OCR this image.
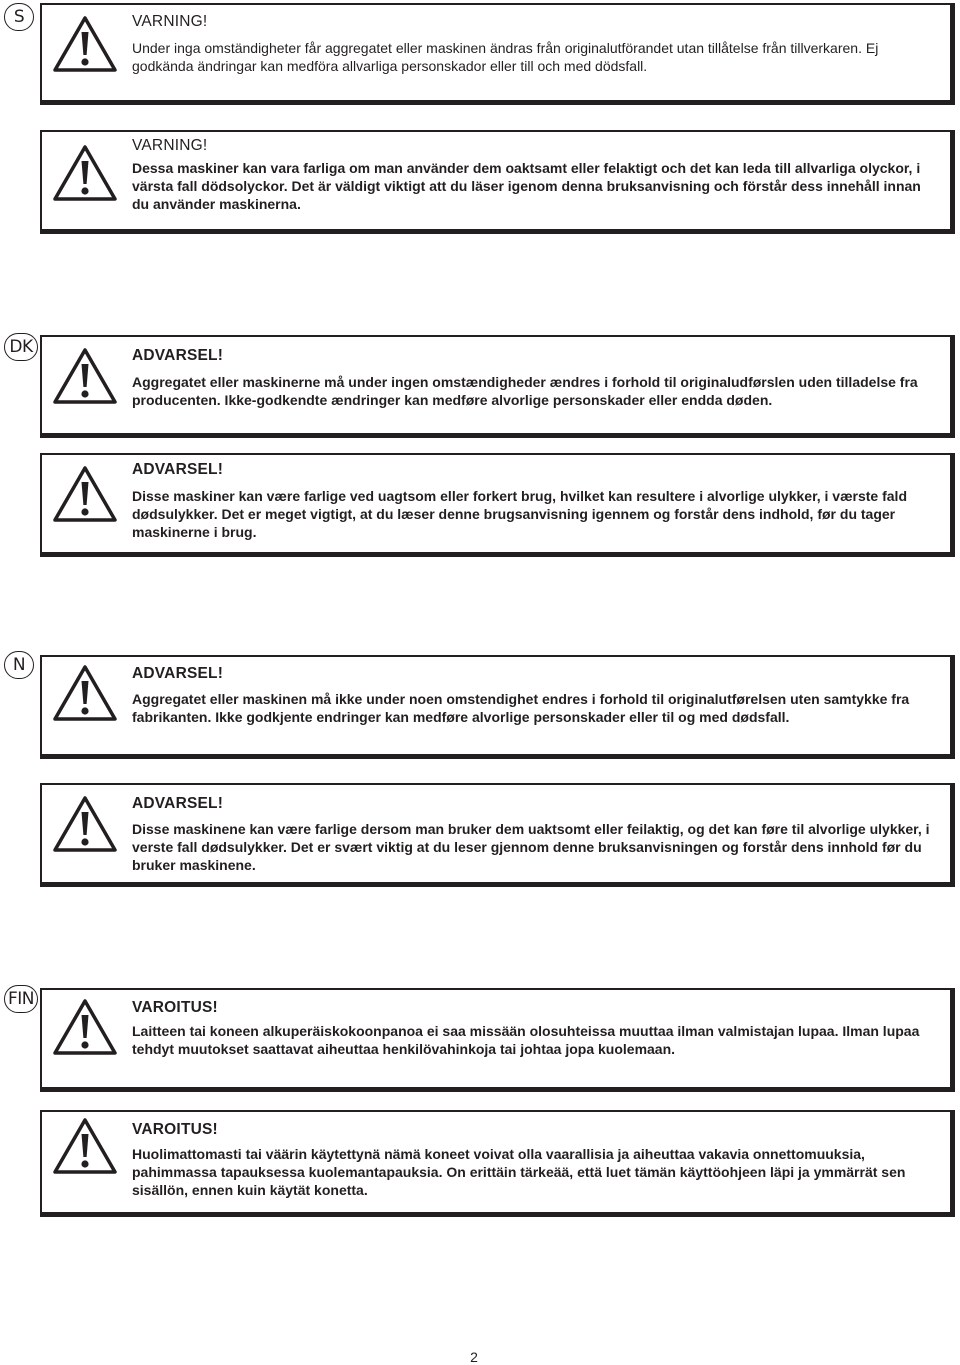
S
DK
N
FIN
VARNING!
Under inga omständigheter får aggregatet eller maskinen ändras från originalutförandet utan tillåtelse från tillverkaren. Ej godkända ändringar kan medföra allvarliga personskador eller till och med dödsfall.
VARNING!
Dessa maskiner kan vara farliga om man använder dem oaktsamt eller felaktigt och det kan leda till allvarliga olyckor, i värsta fall dödsolyckor. Det är väldigt viktigt att du läser igenom denna bruksanvisning och förstår dess innehåll innan du använder maskinerna.
ADVARSEL!
Aggregatet eller maskinerne må under ingen omstændigheder ændres i forhold til originaludførslen uden tilladelse fra producenten. Ikke-godkendte ændringer kan medføre alvorlige personskader eller endda døden.
ADVARSEL!
Disse maskiner kan være farlige ved uagtsom eller forkert brug, hvilket kan resultere i alvorlige ulykker, i værste fald dødsulykker. Det er meget vigtigt, at du læser denne brugsanvisning igennem og forstår dens indhold, før du tager maskinerne i brug.
ADVARSEL!
Aggregatet eller maskinen må ikke under noen omstendighet endres i forhold til originalutførelsen uten samtykke fra fabrikanten. Ikke godkjente endringer kan medføre alvorlige personskader eller til og med dødsfall.
ADVARSEL!
Disse maskinene kan være farlige dersom man bruker dem uaktsomt eller feilaktig, og det kan føre til alvorlige ulykker, i verste fall dødsulykker. Det er svært viktig at du leser gjennom denne bruksanvisningen og forstår dens innhold før du bruker maskinene.
VAROITUS!
Laitteen tai koneen alkuperäiskokoonpanoa ei saa missään olosuhteissa muuttaa ilman valmistajan lupaa. Ilman lupaa tehdyt muutokset saattavat aiheuttaa henkilövahinkoja tai johtaa jopa kuolemaan.
VAROITUS!
Huolimattomasti tai väärin käytettynä nämä koneet voivat olla vaarallisia ja aiheuttaa vakavia onnettomuuksia, pahimmassa tapauksessa kuolemantapauksia. On erittäin tärkeää, että luet tämän käyttöohjeen läpi ja ymmärrät sen sisällön, ennen kuin käytät konetta.
2
